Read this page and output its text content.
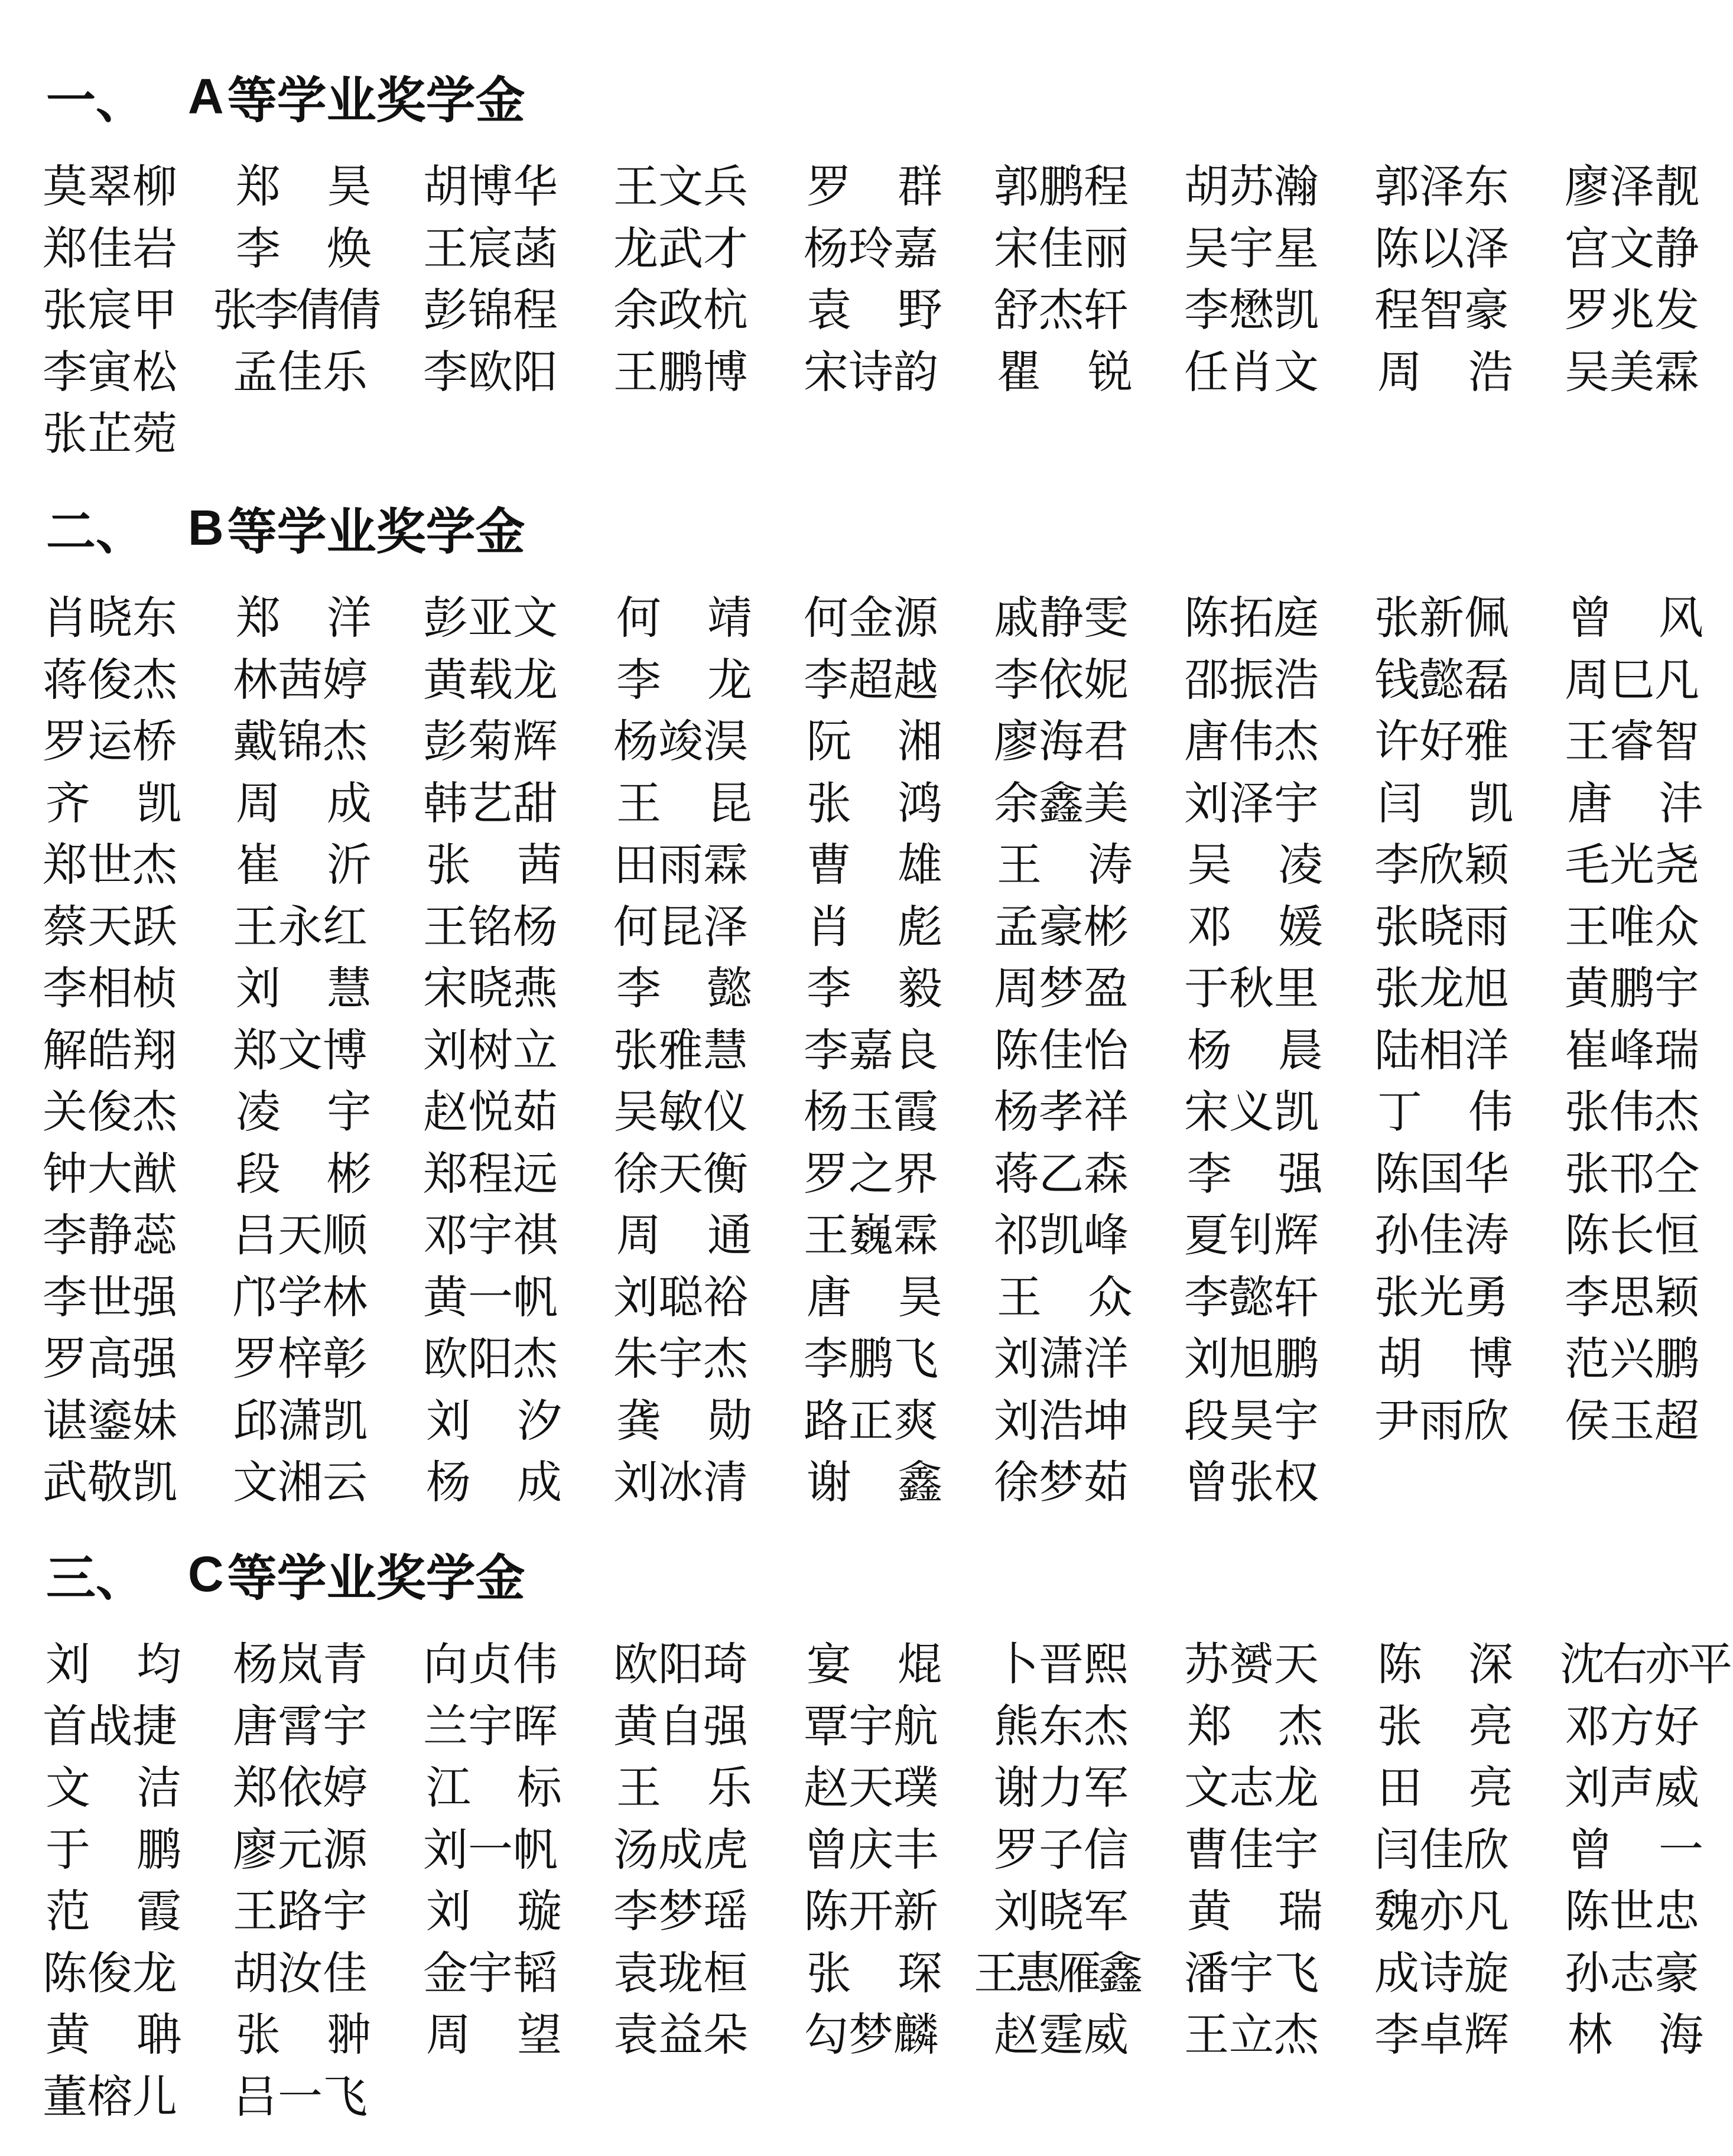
一、 A 等学业奖学金
莫翠柳 郑 昊 胡博华 王文兵 罗 群 郭鹏程 胡苏瀚 郭泽东 廖泽靓
郑佳岩 李 焕 王宸菡 龙武才 杨玲嘉 宋佳丽 吴宇星 陈以泽 宫文静
张宸甲 张李倩倩	彭锦程 余政杭 袁 野 舒杰轩 李懋凯 程智豪 罗兆发
李寅松 孟佳乐 李欧阳 王鹏博 宋诗韵 瞿 锐 任肖文 周 浩 吴美霖
张芷菀
二、 B 等学业奖学金
肖晓东 郑 洋 彭亚文 何 靖 何金源 戚静雯 陈拓庭 张新佩 曾 风
蒋俊杰 林茜婷 黄载龙 李 龙 李超越 李依妮 邵振浩 钱懿磊 周巳凡
罗运桥 戴锦杰 彭菊辉 杨竣淏 阮 湘 廖海君 唐伟杰 许好雅 王睿智
齐 凯 周 成 韩艺甜 王 昆 张 鸿 余鑫美 刘泽宇 闫 凯 唐 沣
郑世杰 崔 沂 张 茜 田雨霖 曹 雄 王 涛 吴 凌 李欣颖 毛光尧
蔡天跃 王永红 王铭杨 何昆泽 肖 彪 孟豪彬 邓 媛 张晓雨 王唯众
李相桢 刘 慧 宋晓燕 李 懿 李 毅 周梦盈 于秋里 张龙旭 黄鹏宇
解皓翔 郑文博 刘树立 张雅慧 李嘉良 陈佳怡 杨 晨 陆相洋 崔峰瑞
关俊杰 凌 宇 赵悦茹 吴敏仪 杨玉霞 杨孝祥 宋义凯 丁 伟 张伟杰
钟大猷 段 彬 郑程远 徐天衡 罗之界 蒋乙森 李 强 陈国华 张邗仝
李静蕊 吕天顺 邓宇祺 周 通 王巍霖 祁凯峰 夏钊辉 孙佳涛 陈长恒
李世强 邝学林 黄一帆 刘聪裕 唐 昊 王 众 李懿轩 张光勇 李思颖
罗高强 罗梓彰 欧阳杰 朱宇杰 李鹏飞 刘潇洋 刘旭鹏 胡 博 范兴鹏
谌鎏妹 邱潇凯 刘 汐 龚 勋 路正爽 刘浩坤 段昊宇 尹雨欣 侯玉超
武敬凯 文湘云 杨 成 刘冰清 谢 鑫 徐梦茹 曾张权
三、 C 等学业奖学金
刘 均 杨岚青 向贞伟 欧阳琦 宴 焜 卜晋熙 苏赟天 陈 深 沈右亦平
首战捷 唐霄宇 兰宇晖 黄自强 覃宇航 熊东杰 郑 杰 张 亮 邓方好
文 洁 郑依婷 江 标 王 乐 赵天璞 谢力军 文志龙 田 亮 刘声威
于 鹏 廖元源 刘一帆 汤成虎 曾庆丰 罗子信 曹佳宇 闫佳欣 曾 一
范 霞 王路宇 刘 璇 李梦瑶 陈开新 刘晓军 黄 瑞 魏亦凡 陈世忠
陈俊龙 胡汝佳 金宇韬 袁珑桓 张 琛 王惠雁鑫	潘宇飞 成诗旋 孙志豪
黄 聃 张 翀 周 望 袁益朵 勾梦麟 赵霆威 王立杰 李卓辉 林 海
董榕儿 吕一飞
